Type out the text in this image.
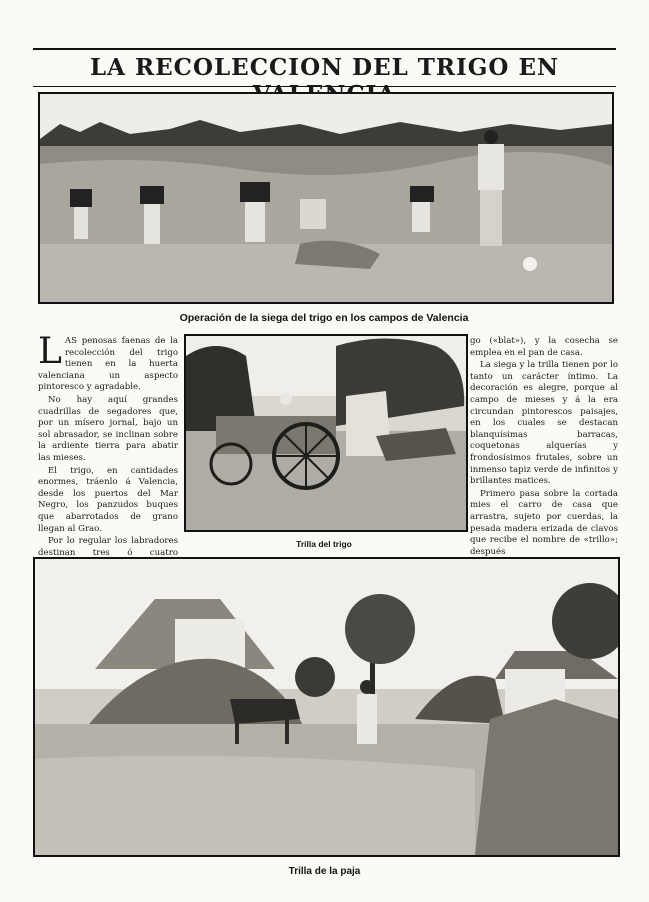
LA RECOLECCION DEL TRIGO EN
Operación de la siega del trigo en los campos de Valencia

LAS penosas faenas de la recolección del trigo tienen en la huerta valenciana un aspecto pintoresco y agradable.

No hay aquí grandes cuadrillas de segadores que, por un mísero jornal, bajo un sol abrasador, se inclinan sobre la ardiente tierra para abatir las mieses.

El trigo, en cantidades enormes, tráenlo á Valencia, desde los puertos del Mar Negro, los panzudos buques que abarrotados de grano llegan al Grao.

Por lo regular los labradores destinan tres ó cuatro

Trilla del trigo

go («blat»), y la cosecha se emplea en el pan de casa.

La siega y la trilla tienen por lo tanto un carácter íntimo. La decoración es alegre, porque al campo de mieses y á la era circundan pintorescos paisajes, en los cuales se destacan blanquísimas barracas, coquetonas alquerías y frondosísimos frutales, sobre un inmenso tapiz verde de infinitos y brillantes matices.

Primero pasa sobre la cortada mies el carro de casa que arrastra, sujeto por cuerdas, la pesada madera erizada de clavos que recibe el nombre de «trillo»; después

Trilla de la paja
